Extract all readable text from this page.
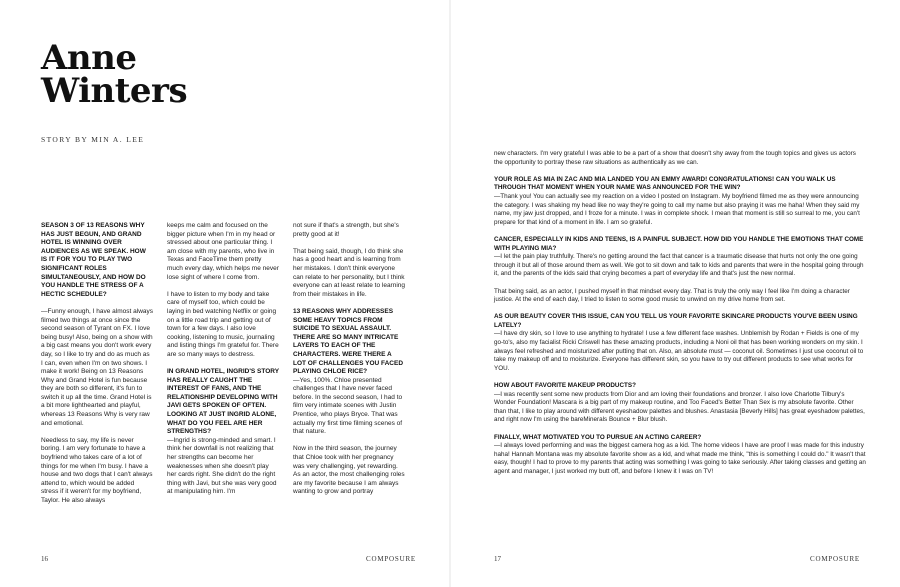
Anne
Winters
STORY BY MIN A. LEE

SEASON 3 OF 13 REASONS WHY HAS JUST BEGUN, AND GRAND HOTEL IS WINNING OVER AUDIENCES AS WE SPEAK. HOW IS IT FOR YOU TO PLAY TWO SIGNIFICANT ROLES SIMULTANEOUSLY, AND HOW DO YOU HANDLE THE STRESS OF A HECTIC SCHEDULE?

—Funny enough, I have almost always filmed two things at once since the second season of Tyrant on FX. I love being busy! Also, being on a show with a big cast means you don't work every day, so I like to try and do as much as I can, even when I'm on two shows. I make it work! Being on 13 Reasons Why and Grand Hotel is fun because they are both so different, it's fun to switch it up all the time. Grand Hotel is a bit more lighthearted and playful, whereas 13 Reasons Why is very raw and emotional.

Needless to say, my life is never boring. I am very fortunate to have a boyfriend who takes care of a lot of things for me when I'm busy. I have a house and two dogs that I can't always attend to, which would be added stress if it weren't for my boyfriend, Taylor. He also always

keeps me calm and focused on the bigger picture when I'm in my head or stressed about one particular thing. I am close with my parents, who live in Texas and FaceTime them pretty much every day, which helps me never lose sight of where I come from.

I have to listen to my body and take care of myself too, which could be laying in bed watching Netflix or going on a little road trip and getting out of town for a few days. I also love cooking, listening to music, journaling and listing things I'm grateful for. There are so many ways to destress.

IN GRAND HOTEL, INGRID'S STORY HAS REALLY CAUGHT THE INTEREST OF FANS, AND THE RELATIONSHIP DEVELOPING WITH JAVI GETS SPOKEN OF OFTEN. LOOKING AT JUST INGRID ALONE, WHAT DO YOU FEEL ARE HER STRENGTHS?

—Ingrid is strong-minded and smart. I think her downfall is not realizing that her strengths can become her weaknesses when she doesn't play her cards right. She didn't do the right thing with Javi, but she was very good at manipulating him. I'm

not sure if that's a strength, but she's pretty good at it!

That being said, though, I do think she has a good heart and is learning from her mistakes. I don't think everyone can relate to her personality, but I think everyone can at least relate to learning from their mistakes in life.

13 REASONS WHY ADDRESSES SOME HEAVY TOPICS FROM SUICIDE TO SEXUAL ASSAULT. THERE ARE SO MANY INTRICATE LAYERS TO EACH OF THE CHARACTERS. WERE THERE A LOT OF CHALLENGES YOU FACED PLAYING CHLOE RICE?

—Yes, 100%. Chloe presented challenges that I have never faced before. In the second season, I had to film very intimate scenes with Justin Prentice, who plays Bryce. That was actually my first time filming scenes of that nature.

Now in the third season, the journey that Chloe took with her pregnancy was very challenging, yet rewarding. As an actor, the most challenging roles are my favorite because I am always wanting to grow and portray

16	COMPOSURE

new characters. I'm very grateful I was able to be a part of a show that doesn't shy away from the tough topics and gives us actors the opportunity to portray these raw situations as authentically as we can.

YOUR ROLE AS MIA IN ZAC AND MIA LANDED YOU AN EMMY AWARD! CONGRATULATIONS! CAN YOU WALK US THROUGH THAT MOMENT WHEN YOUR NAME WAS ANNOUNCED FOR THE WIN?

—Thank you! You can actually see my reaction on a video I posted on Instagram. My boyfriend filmed me as they were announcing the category. I was shaking my head like no way they're going to call my name but also praying it was me haha! When they said my name, my jaw just dropped, and I froze for a minute. I was in complete shock. I mean that moment is still so surreal to me, you can't prepare for that kind of a moment in life. I am so grateful.

CANCER, ESPECIALLY IN KIDS AND TEENS, IS A PAINFUL SUBJECT. HOW DID YOU HANDLE THE EMOTIONS THAT COME WITH PLAYING MIA?

—I let the pain play truthfully. There's no getting around the fact that cancer is a traumatic disease that hurts not only the one going through it but all of those around them as well. We got to sit down and talk to kids and parents that were in the hospital going through it, and the parents of the kids said that crying becomes a part of everyday life and that's just the new normal.

That being said, as an actor, I pushed myself in that mindset every day. That is truly the only way I feel like I'm doing a character justice. At the end of each day, I tried to listen to some good music to unwind on my drive home from set.

AS OUR BEAUTY COVER THIS ISSUE, CAN YOU TELL US YOUR FAVORITE SKINCARE PRODUCTS YOU'VE BEEN USING LATELY?

—I have dry skin, so I love to use anything to hydrate! I use a few different face washes. Unblemish by Rodan + Fields is one of my go-to's, also my facialist Ricki Criswell has these amazing products, including a Noni oil that has been working wonders on my skin. I always feel refreshed and moisturized after putting that on. Also, an absolute must — coconut oil. Sometimes I just use coconut oil to take my makeup off and to moisturize. Everyone has different skin, so you have to try out different products to see what works for YOU.

HOW ABOUT FAVORITE MAKEUP PRODUCTS?

—I was recently sent some new products from Dior and am loving their foundations and bronzer. I also love Charlotte Tilbury's Wonder Foundation! Mascara is a big part of my makeup routine, and Too Faced's Better Than Sex is my absolute favorite. Other than that, I like to play around with different eyeshadow palettes and blushes. Anastasia [Beverly Hills] has great eyeshadow palettes, and right now I'm using the bareMinerals Bounce + Blur blush.

FINALLY, WHAT MOTIVATED YOU TO PURSUE AN ACTING CAREER?

—I always loved performing and was the biggest camera hog as a kid. The home videos I have are proof I was made for this industry haha! Hannah Montana was my absolute favorite show as a kid, and what made me think, "this is something I could do." It wasn't that easy, though! I had to prove to my parents that acting was something I was going to take seriously. After taking classes and getting an agent and manager, I just worked my butt off, and before I knew it I was on TV!

17	COMPOSURE
